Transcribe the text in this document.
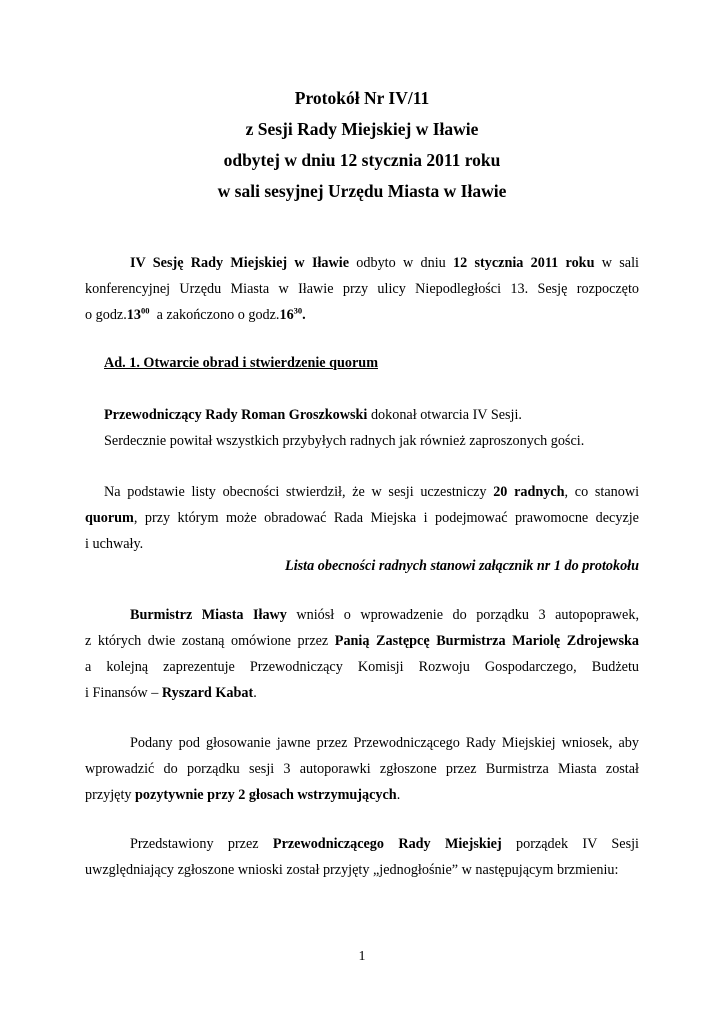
Protokół Nr IV/11
z Sesji Rady Miejskiej w Iławie
odbytej w dniu 12 stycznia 2011 roku
w sali sesyjnej Urzędu Miasta w Iławie
IV Sesję Rady Miejskiej w Iławie odbyto w dniu 12 stycznia 2011 roku w sali
konferencyjnej Urzędu Miasta w Iławie przy ulicy Niepodległości 13. Sesję rozpoczęto
o $godz.13^{00}$  a zakończono o $godz.16^{30}$.
Ad. 1. Otwarcie obrad i stwierdzenie quorum
Przewodniczący Rady Roman Groszkowski dokonał otwarcia IV Sesji.
Serdecznie powitał wszystkich przybyłych radnych jak również zaproszonych gości.
Na podstawie listy obecności stwierdził, że w sesji uczestniczy 20 radnych, co stanowi
quorum, przy którym może obradować Rada Miejska i podejmować prawomocne decyzje
i uchwały.
Lista obecności radnych stanowi załącznik nr 1 do protokołu
Burmistrz Miasta Iławy wniósł o wprowadzenie do porządku 3 autopoprawek,
z których dwie zostaną omówione przez Panią Zastępcę Burmistrza Mariolę Zdrojewska
a kolejną zaprezentuje Przewodniczący Komisji Rozwoju Gospodarczego, Budżetu
i Finansów – Ryszard Kabat.
Podany pod głosowanie jawne przez Przewodniczącego Rady Miejskiej wniosek, aby
wprowadzić do porządku sesji 3 autoporawki zgłoszone przez Burmistrza Miasta został
przyjęty pozytywnie przy 2 głosach wstrzymujących.
Przedstawiony przez Przewodniczącego Rady Miejskiej porządek IV Sesji
uwzględniający zgłoszone wnioski został przyjęty „jednogłośnie” w następującym brzmieniu:
1
